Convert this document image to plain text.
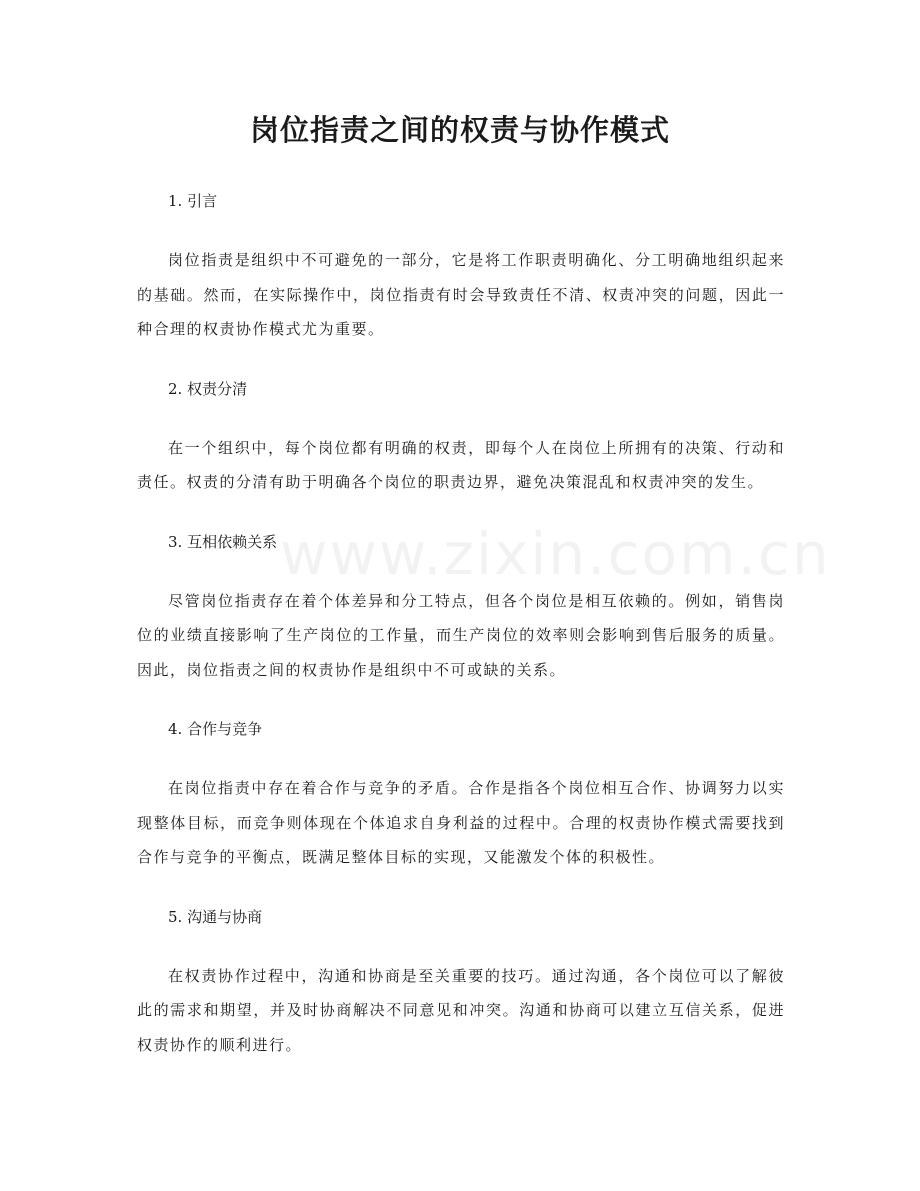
岗位指责之间的权责与协作模式

1. 引言

岗位指责是组织中不可避免的一部分，它是将工作职责明确化、分工明确地组织起来的基础。然而，在实际操作中，岗位指责有时会导致责任不清、权责冲突的问题，因此一种合理的权责协作模式尤为重要。

2. 权责分清

在一个组织中，每个岗位都有明确的权责，即每个人在岗位上所拥有的决策、行动和责任。权责的分清有助于明确各个岗位的职责边界，避免决策混乱和权责冲突的发生。

3. 互相依赖关系

尽管岗位指责存在着个体差异和分工特点，但各个岗位是相互依赖的。例如，销售岗位的业绩直接影响了生产岗位的工作量，而生产岗位的效率则会影响到售后服务的质量。因此，岗位指责之间的权责协作是组织中不可或缺的关系。

4. 合作与竞争

在岗位指责中存在着合作与竞争的矛盾。合作是指各个岗位相互合作、协调努力以实现整体目标，而竞争则体现在个体追求自身利益的过程中。合理的权责协作模式需要找到合作与竞争的平衡点，既满足整体目标的实现，又能激发个体的积极性。

5. 沟通与协商

在权责协作过程中，沟通和协商是至关重要的技巧。通过沟通，各个岗位可以了解彼此的需求和期望，并及时协商解决不同意见和冲突。沟通和协商可以建立互信关系，促进权责协作的顺利进行。

www.zixin.com.cn
